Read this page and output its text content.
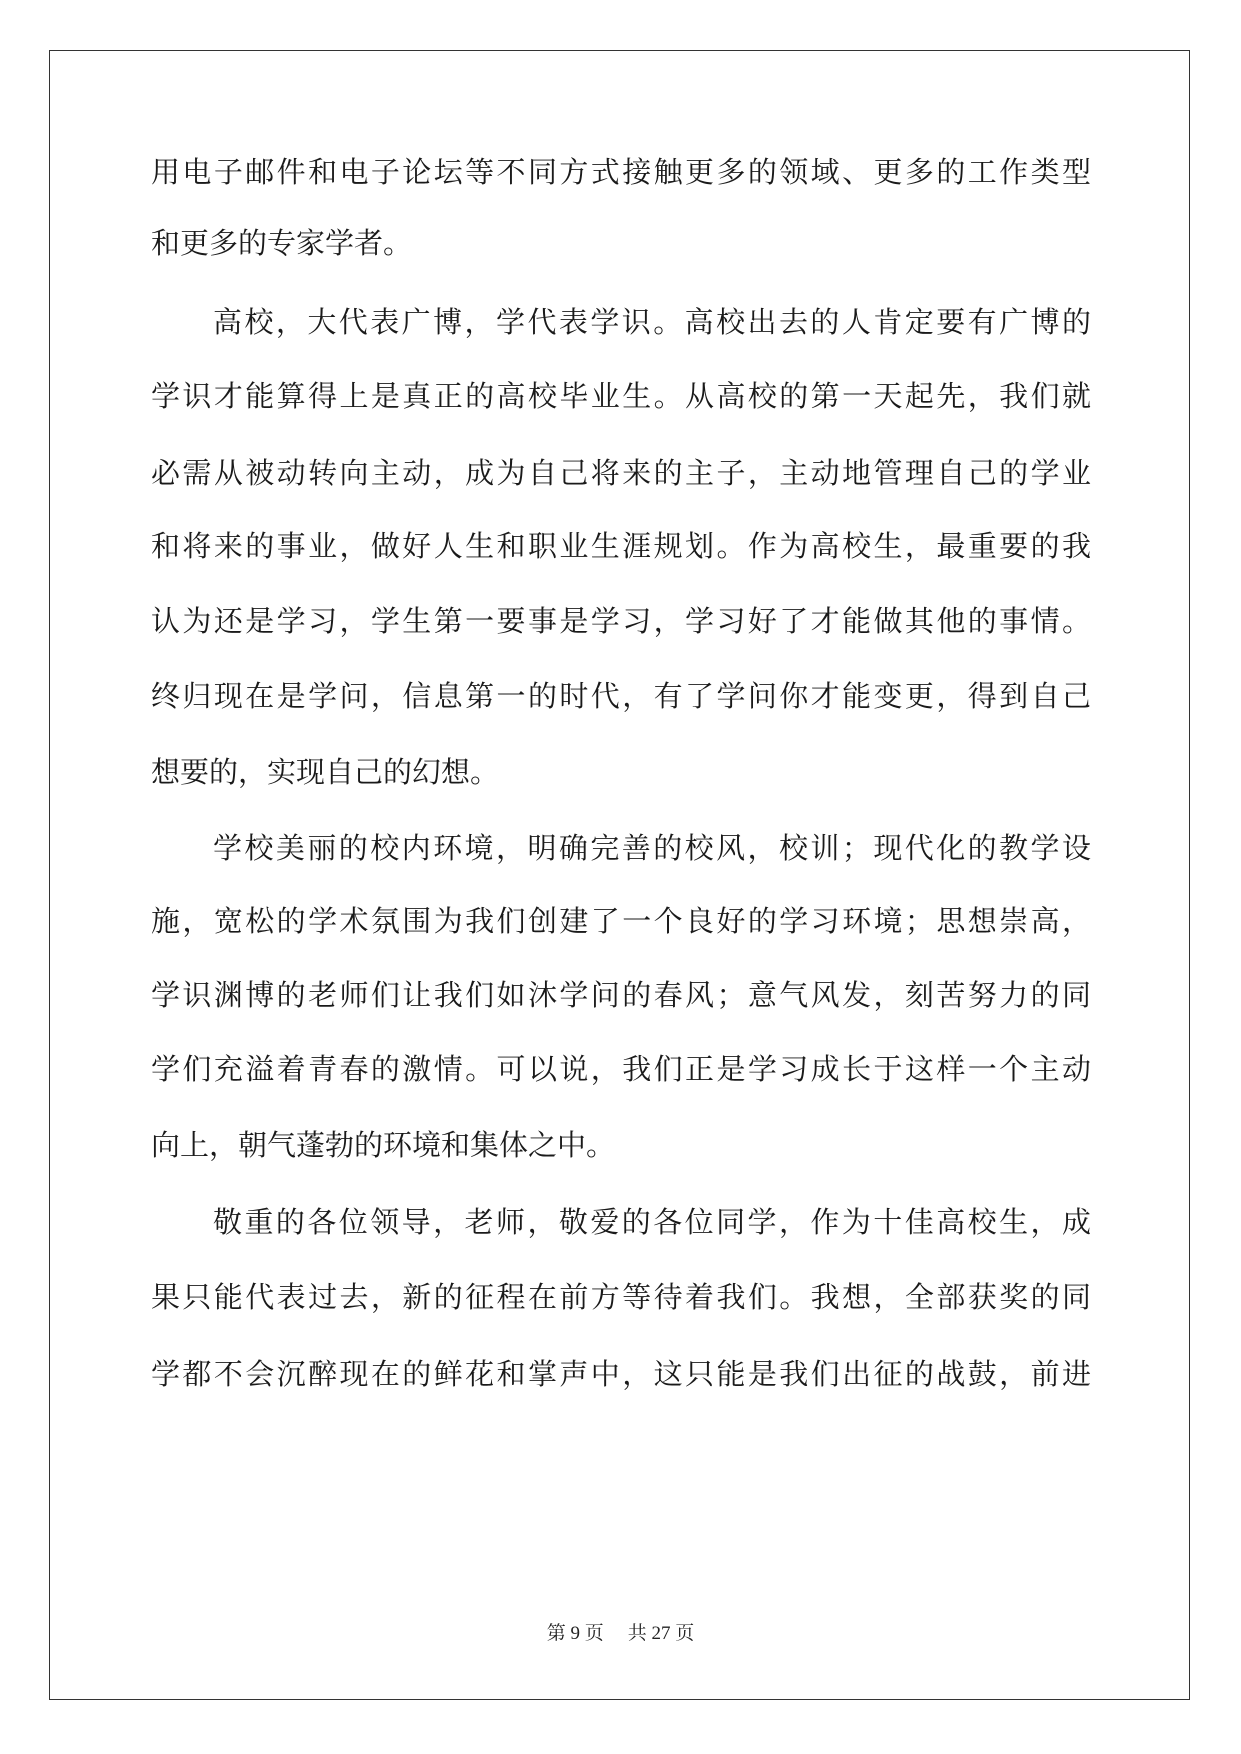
用电子邮件和电子论坛等不同方式接触更多的领域、更多的工作类型
和更多的专家学者。
高校，大代表广博，学代表学识。高校出去的人肯定要有广博的
学识才能算得上是真正的高校毕业生。从高校的第一天起先，我们就
必需从被动转向主动，成为自己将来的主子，主动地管理自己的学业
和将来的事业，做好人生和职业生涯规划。作为高校生，最重要的我
认为还是学习，学生第一要事是学习，学习好了才能做其他的事情。
终归现在是学问，信息第一的时代，有了学问你才能变更，得到自己
想要的，实现自己的幻想。
学校美丽的校内环境，明确完善的校风，校训；现代化的教学设
施，宽松的学术氛围为我们创建了一个良好的学习环境；思想崇高，
学识渊博的老师们让我们如沐学问的春风；意气风发，刻苦努力的同
学们充溢着青春的激情。可以说，我们正是学习成长于这样一个主动
向上，朝气蓬勃的环境和集体之中。
敬重的各位领导，老师，敬爱的各位同学，作为十佳高校生，成
果只能代表过去，新的征程在前方等待着我们。我想，全部获奖的同
学都不会沉醉现在的鲜花和掌声中，这只能是我们出征的战鼓，前进
第 9 页 共 27 页
